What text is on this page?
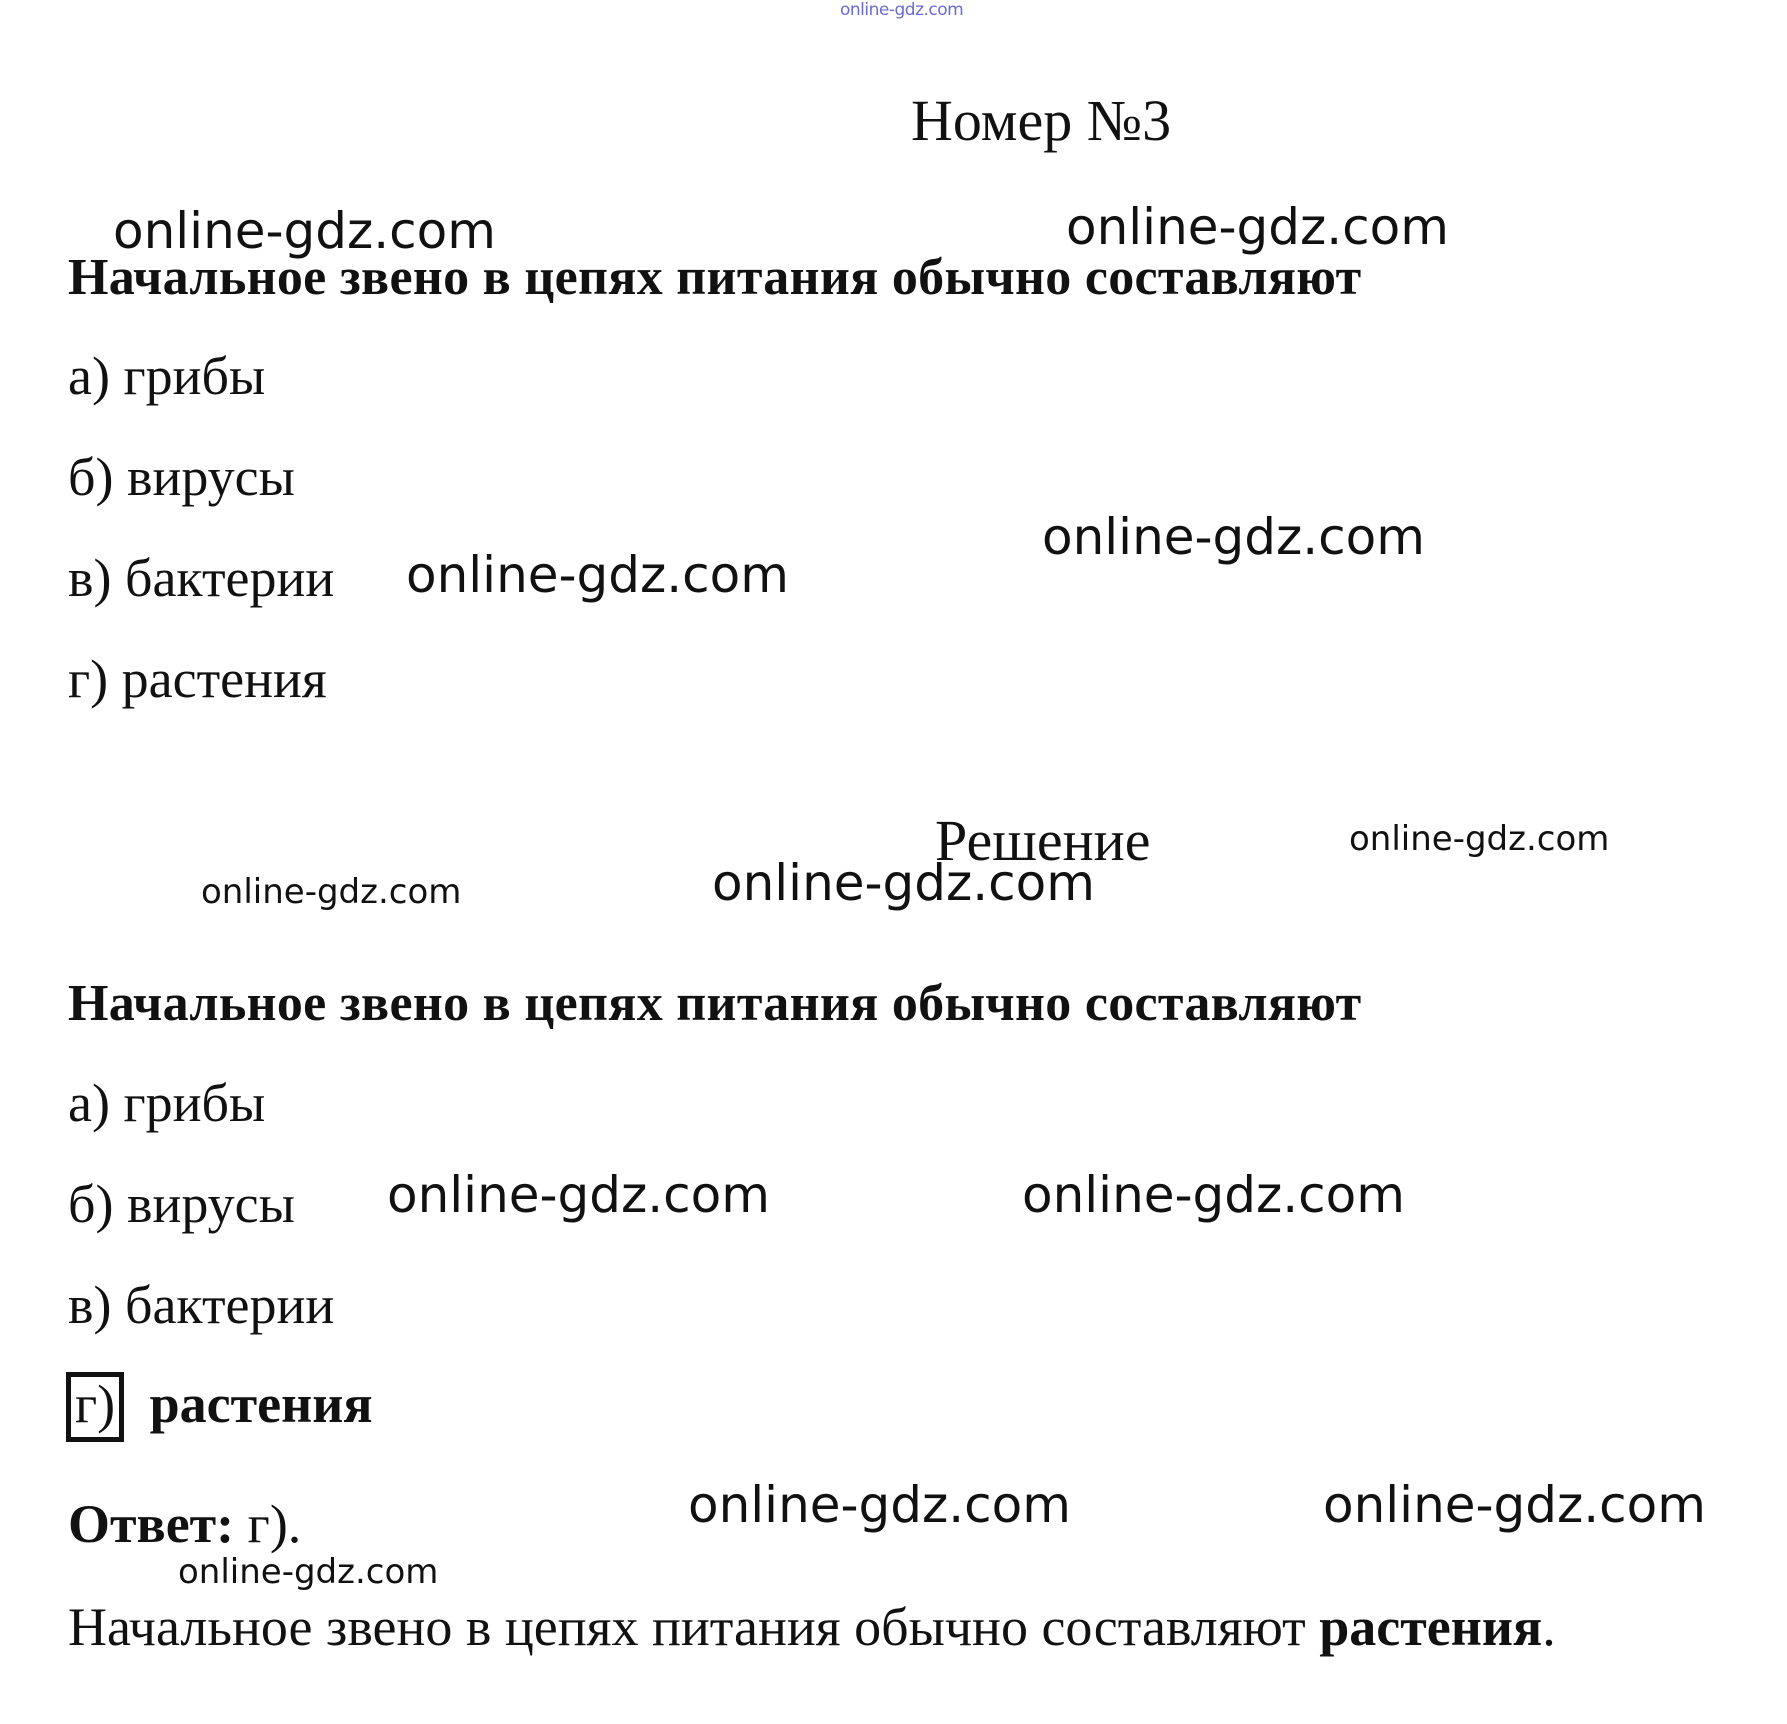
online-gdz.com
Номер №3
online-gdz.com	online-gdz.com
Начальное звено в цепях питания обычно составляют
а) грибы
б) вирусы
в) бактерии
г) растения
online-gdz.com
online-gdz.com
Решение	online-gdz.com
online-gdz.com	online-gdz.com
Начальное звено в цепях питания обычно составляют
а) грибы
б) вирусы online-gdz.com	online-gdz.com
в) бактерии
г) растения
online-gdz.com	online-gdz.com
Ответ: г).
online-gdz.com
Начальное звено в цепях питания обычно составляют растения.
